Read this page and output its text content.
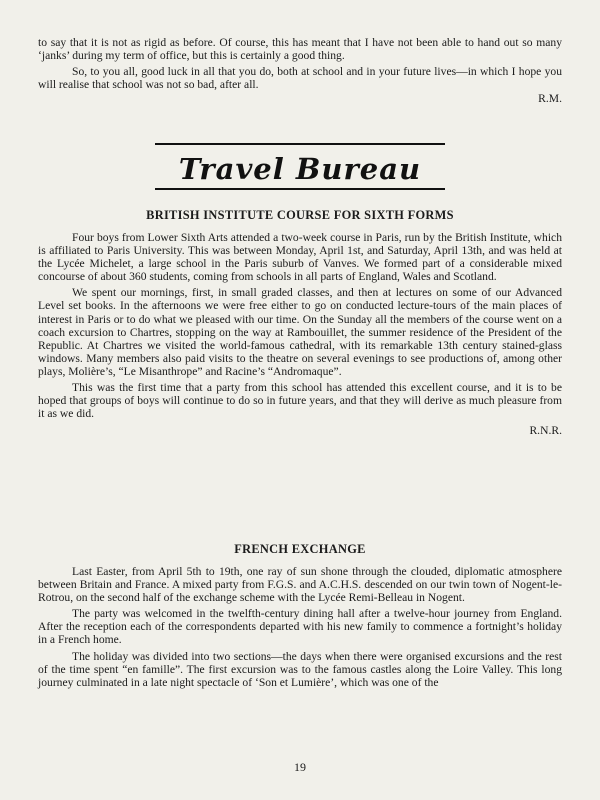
to say that it is not as rigid as before. Of course, this has meant that I have not been able to hand out so many ‘janks’ during my term of office, but this is certainly a good thing.

So, to you all, good luck in all that you do, both at school and in your future lives—in which I hope you will realise that school was not so bad, after all.

R.M.

Travel Bureau
BRITISH INSTITUTE COURSE FOR SIXTH FORMS

Four boys from Lower Sixth Arts attended a two-week course in Paris, run by the British Institute, which is affiliated to Paris University. This was between Monday, April 1st, and Saturday, April 13th, and was held at the Lycée Michelet, a large school in the Paris suburb of Vanves. We formed part of a considerable mixed concourse of about 360 students, coming from schools in all parts of England, Wales and Scotland.

We spent our mornings, first, in small graded classes, and then at lectures on some of our Advanced Level set books. In the afternoons we were free either to go on conducted lecture-tours of the main places of interest in Paris or to do what we pleased with our time. On the Sunday all the members of the course went on a coach excursion to Chartres, stopping on the way at Rambouillet, the summer residence of the President of the Republic. At Chartres we visited the world-famous cathedral, with its remarkable 13th century stained-glass windows. Many members also paid visits to the theatre on several evenings to see productions of, among other plays, Molière’s, “Le Misanthrope” and Racine’s “Andromaque”.

This was the first time that a party from this school has attended this excellent course, and it is to be hoped that groups of boys will continue to do so in future years, and that they will derive as much pleasure from it as we did.

R.N.R.

FRENCH EXCHANGE

Last Easter, from April 5th to 19th, one ray of sun shone through the clouded, diplomatic atmosphere between Britain and France. A mixed party from F.G.S. and A.C.H.S. descended on our twin town of Nogent-le-Rotrou, on the second half of the exchange scheme with the Lycée Remi-Belleau in Nogent.

The party was welcomed in the twelfth-century dining hall after a twelve-hour journey from England. After the reception each of the correspondents departed with his new family to commence a fortnight’s holiday in a French home.

The holiday was divided into two sections—the days when there were organised excursions and the rest of the time spent “en famille”. The first excursion was to the famous castles along the Loire Valley. This long journey culminated in a late night spectacle of ‘Son et Lumière’, which was one of the

19
